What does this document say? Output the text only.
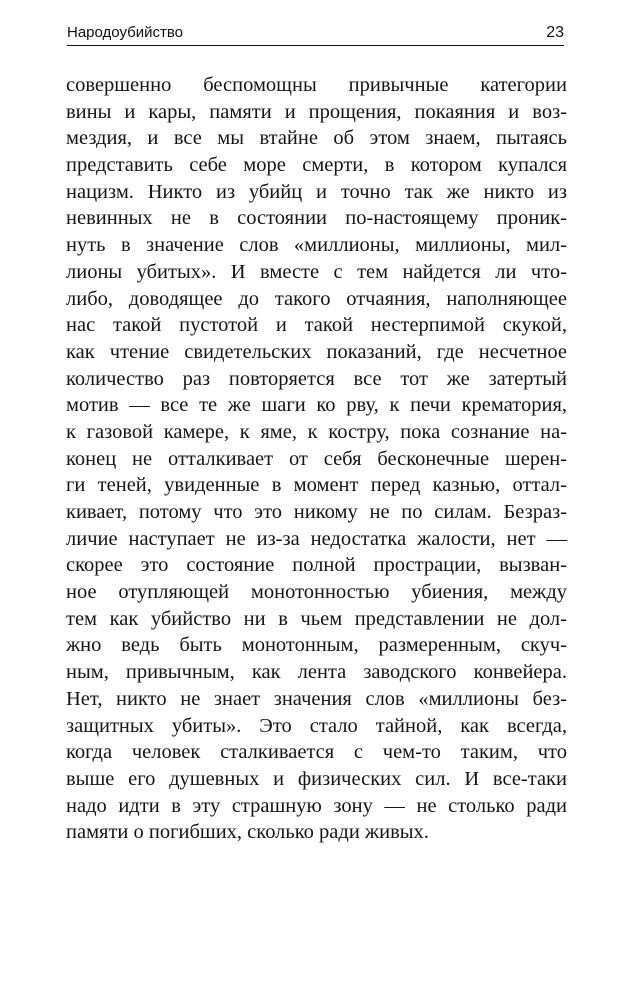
Народоубийство	23
совершенно беспомощны привычные категории
вины и кары, памяти и прощения, покаяния и воз-
мездия, и все мы втайне об этом знаем, пытаясь
представить себе море смерти, в котором купался
нацизм. Никто из убийц и точно так же никто из
невинных не в состоянии по-настоящему проник-
нуть в значение слов «миллионы, миллионы, мил-
лионы убитых». И вместе с тем найдется ли что-
либо, доводящее до такого отчаяния, наполняющее
нас такой пустотой и такой нестерпимой скукой,
как чтение свидетельских показаний, где несчетное
количество раз повторяется все тот же затертый
мотив — все те же шаги ко рву, к печи крематория,
к газовой камере, к яме, к костру, пока сознание на-
конец не отталкивает от себя бесконечные шерен-
ги теней, увиденные в момент перед казнью, оттал-
кивает, потому что это никому не по силам. Безраз-
личие наступает не из-за недостатка жалости, нет —
скорее это состояние полной прострации, вызван-
ное отупляющей монотонностью убиения, между
тем как убийство ни в чьем представлении не дол-
жно ведь быть монотонным, размеренным, скуч-
ным, привычным, как лента заводского конвейера.
Нет, никто не знает значения слов «миллионы без-
защитных убиты». Это стало тайной, как всегда,
когда человек сталкивается с чем-то таким, что
выше его душевных и физических сил. И все-таки
надо идти в эту страшную зону — не столько ради
памяти о погибших, сколько ради живых.
